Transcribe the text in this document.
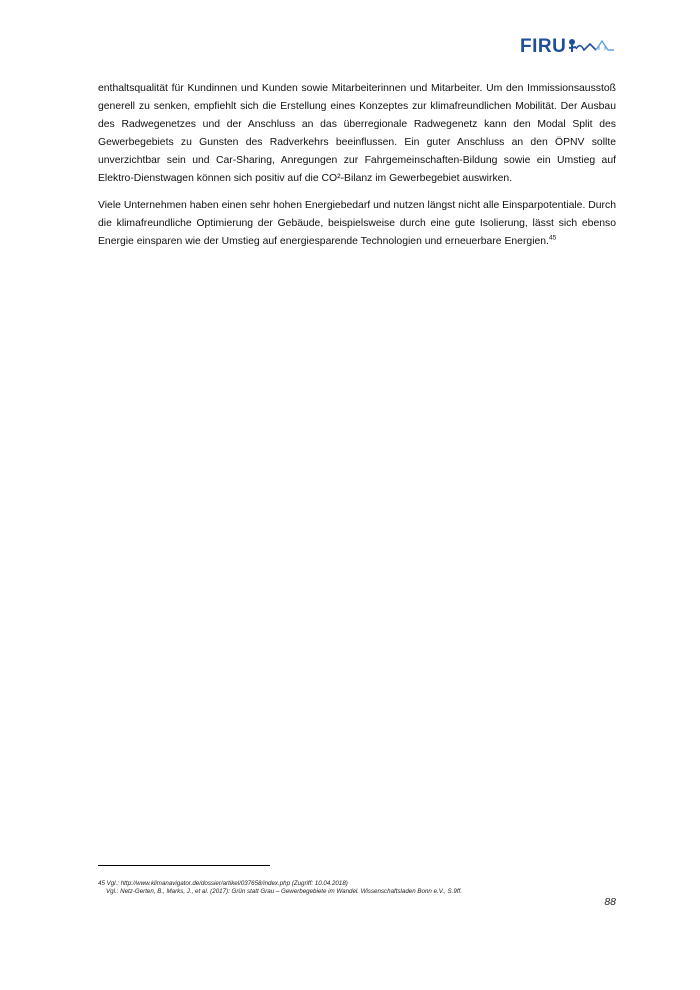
FIRU

enthaltsqualität für Kundinnen und Kunden sowie Mitarbeiterinnen und Mitarbeiter. Um den Immissionsausstoß generell zu senken, empfiehlt sich die Erstellung eines Konzeptes zur klimafreundlichen Mobilität. Der Ausbau des Radwegenetzes und der Anschluss an das überregionale Radwegenetz kann den Modal Split des Gewerbegebiets zu Gunsten des Radverkehrs beeinflussen. Ein guter Anschluss an den ÖPNV sollte unverzichtbar sein und Car-Sharing, Anregungen zur Fahrgemeinschaften-Bildung sowie ein Umstieg auf Elektro-Dienstwagen können sich positiv auf die CO²-Bilanz im Gewerbegebiet auswirken.

Viele Unternehmen haben einen sehr hohen Energiebedarf und nutzen längst nicht alle Einsparpotentiale. Durch die klimafreundliche Optimierung der Gebäude, beispielsweise durch eine gute Isolierung, lässt sich ebenso Energie einsparen wie der Umstieg auf energiesparende Technologien und erneuerbare Energien.$^{45}$

45 Vgl.: http://www.klimanavigator.de/dossier/artikel/037658/index.php (Zugriff: 10.04.2018)
Vgl.: Netz-Gerten, B., Marks, J., et al. (2017): Grün statt Grau – Gewerbegebiete im Wandel. Wissenschaftsladen Bonn e.V., S.9ff.
88
